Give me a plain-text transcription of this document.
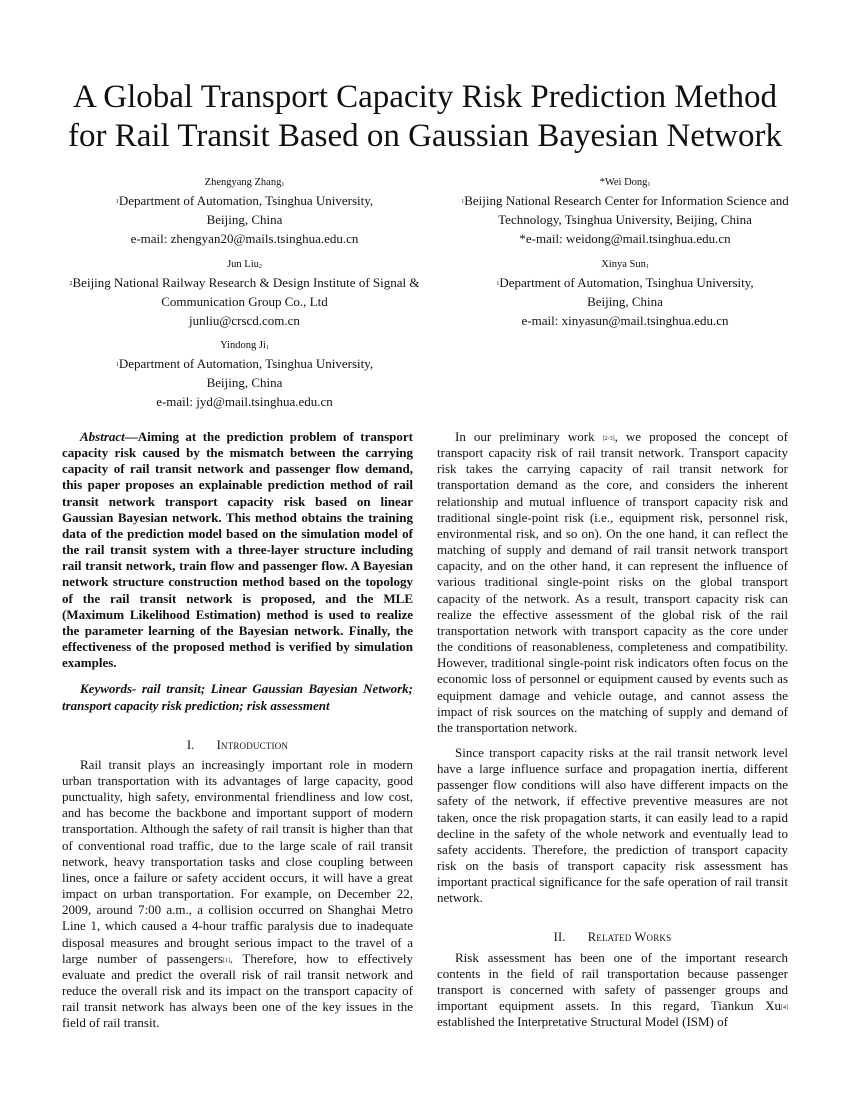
A Global Transport Capacity Risk Prediction Method
for Rail Transit Based on Gaussian Bayesian Network
Zhengyang Zhang$^1$
$^1$Department of Automation, Tsinghua University,
Beijing, China
e-mail: zhengyan20@mails.tsinghua.edu.cn
*Wei Dong$^1$
$^1$Beijing National Research Center for Information Science and
Technology, Tsinghua University, Beijing, China
*e-mail: weidong@mail.tsinghua.edu.cn
Jun Liu$^2$
$^2$Beijing National Railway Research & Design Institute of Signal &
Communication Group Co., Ltd
junliu@crscd.com.cn
Xinya Sun$^1$
$^1$Department of Automation, Tsinghua University,
Beijing, China
e-mail: xinyasun@mail.tsinghua.edu.cn
Yindong Ji$^1$
$^1$Department of Automation, Tsinghua University,
Beijing, China
e-mail: jyd@mail.tsinghua.edu.cn

Abstract—Aiming at the prediction problem of transport capacity risk caused by the mismatch between the carrying capacity of rail transit network and passenger flow demand, this paper proposes an explainable prediction method of rail transit network transport capacity risk based on linear Gaussian Bayesian network. This method obtains the training data of the prediction model based on the simulation model of the rail transit system with a three-layer structure including rail transit network, train flow and passenger flow. A Bayesian network structure construction method based on the topology of the rail transit network is proposed, and the MLE (Maximum Likelihood Estimation) method is used to realize the parameter learning of the Bayesian network. Finally, the effectiveness of the proposed method is verified by simulation examples.

Keywords- rail transit; Linear Gaussian Bayesian Network; transport capacity risk prediction; risk assessment

I. Introduction

Rail transit plays an increasingly important role in modern urban transportation with its advantages of large capacity, good punctuality, high safety, environmental friendliness and low cost, and has become the backbone and important support of modern transportation. Although the safety of rail transit is higher than that of conventional road traffic, due to the large scale of rail transit network, heavy transportation tasks and close coupling between lines, once a failure or safety accident occurs, it will have a great impact on urban transportation. For example, on December 22, 2009, around 7:00 a.m., a collision occurred on Shanghai Metro Line 1, which caused a 4-hour traffic paralysis due to inadequate disposal measures and brought serious impact to the travel of a large number of passengers[1]. Therefore, how to effectively evaluate and predict the overall risk of rail transit network and reduce the overall risk and its impact on the transport capacity of rail transit network has always been one of the key issues in the field of rail transit.

In our preliminary work [2-3], we proposed the concept of transport capacity risk of rail transit network. Transport capacity risk takes the carrying capacity of rail transit network for transportation demand as the core, and considers the inherent relationship and mutual influence of transport capacity risk and traditional single-point risk (i.e., equipment risk, personnel risk, environmental risk, and so on). On the one hand, it can reflect the matching of supply and demand of rail transit network transport capacity, and on the other hand, it can represent the influence of various traditional single-point risks on the global transport capacity of the network. As a result, transport capacity risk can realize the effective assessment of the global risk of the rail transportation network with transport capacity as the core under the conditions of reasonableness, completeness and compatibility. However, traditional single-point risk indicators often focus on the economic loss of personnel or equipment caused by events such as equipment damage and vehicle outage, and cannot assess the impact of risk sources on the matching of supply and demand of the transportation network.

Since transport capacity risks at the rail transit network level have a large influence surface and propagation inertia, different passenger flow conditions will also have different impacts on the safety of the network, if effective preventive measures are not taken, once the risk propagation starts, it can easily lead to a rapid decline in the safety of the whole network and eventually lead to safety accidents. Therefore, the prediction of transport capacity risk on the basis of transport capacity risk assessment has important practical significance for the safe operation of rail transit network.

II. Related Works

Risk assessment has been one of the important research contents in the field of rail transportation because passenger transport is concerned with safety of passenger groups and important equipment assets. In this regard, Tiankun Xu[4] established the Interpretative Structural Model (ISM) of
